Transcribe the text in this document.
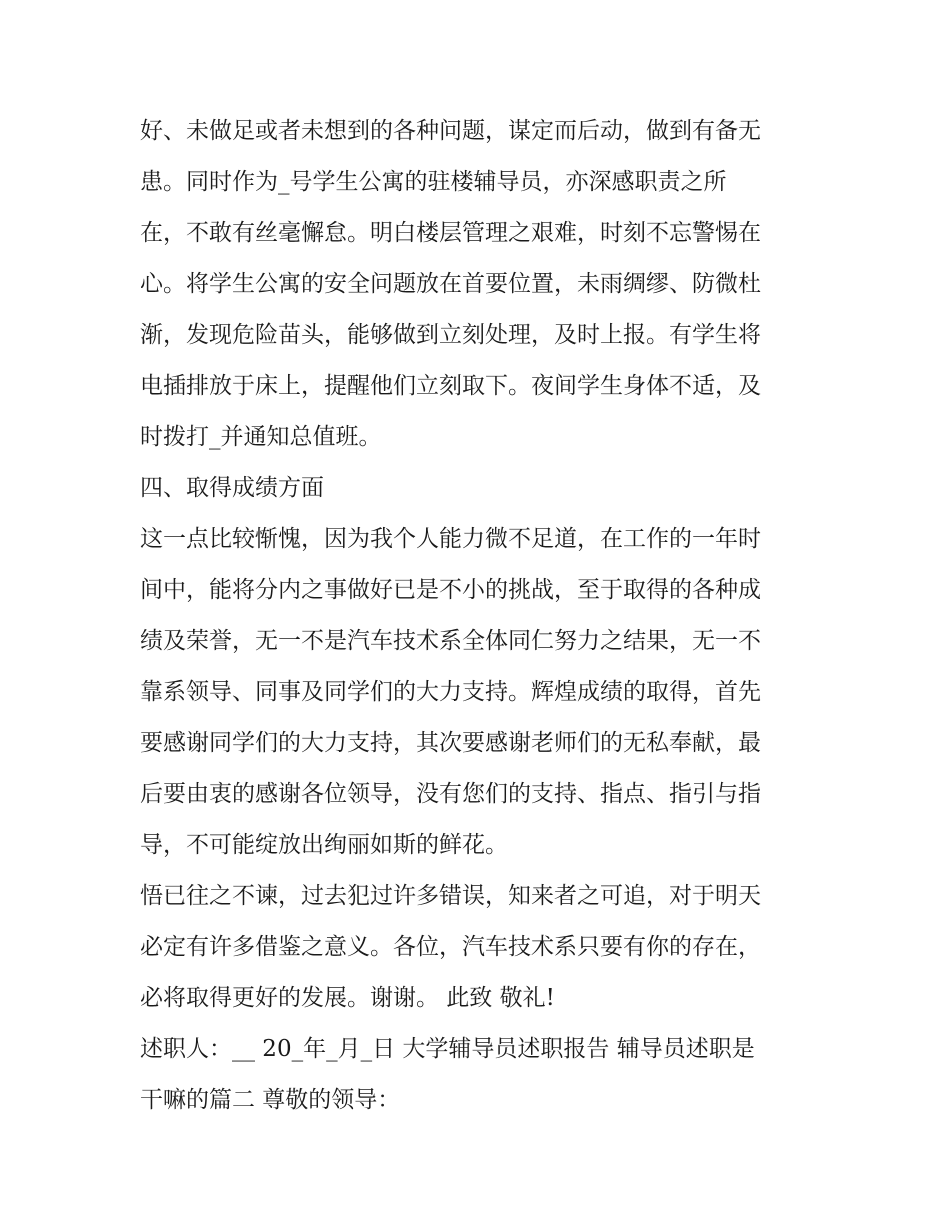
好、未做足或者未想到的各种问题，谋定而后动，做到有备无
患。同时作为_号学生公寓的驻楼辅导员，亦深感职责之所
在，不敢有丝毫懈怠。明白楼层管理之艰难，时刻不忘警惕在
心。将学生公寓的安全问题放在首要位置，未雨绸缪、防微杜
渐，发现危险苗头，能够做到立刻处理，及时上报。有学生将
电插排放于床上，提醒他们立刻取下。夜间学生身体不适，及
时拨打_并通知总值班。
四、取得成绩方面
这一点比较惭愧，因为我个人能力微不足道，在工作的一年时
间中，能将分内之事做好已是不小的挑战，至于取得的各种成
绩及荣誉，无一不是汽车技术系全体同仁努力之结果，无一不
靠系领导、同事及同学们的大力支持。辉煌成绩的取得，首先
要感谢同学们的大力支持，其次要感谢老师们的无私奉献，最
后要由衷的感谢各位领导，没有您们的支持、指点、指引与指
导，不可能绽放出绚丽如斯的鲜花。
悟已往之不谏，过去犯过许多错误，知来者之可追，对于明天
必定有许多借鉴之意义。各位，汽车技术系只要有你的存在，
必将取得更好的发展。谢谢。 此致 敬礼!
述职人：__ 20_年_月_日 大学辅导员述职报告 辅导员述职是
干嘛的篇二 尊敬的领导：
